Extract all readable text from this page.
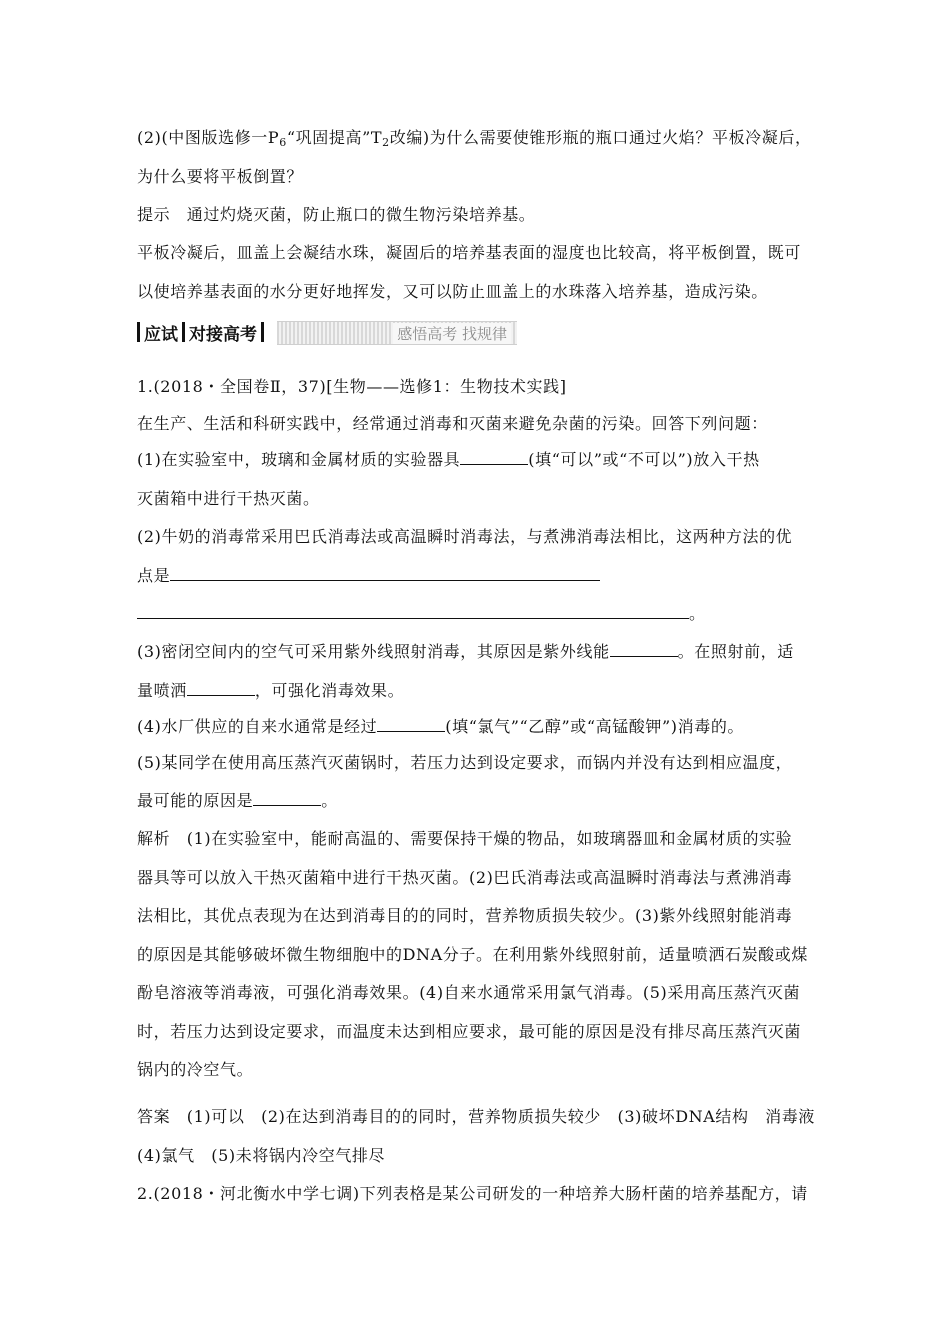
(2)(中图版选修一P6“巩固提高”T2改编)为什么需要使锥形瓶的瓶口通过火焰？平板冷凝后，
为什么要将平板倒置？
提示　通过灼烧灭菌，防止瓶口的微生物污染培养基。
平板冷凝后，皿盖上会凝结水珠，凝固后的培养基表面的湿度也比较高，将平板倒置，既可
以使培养基表面的水分更好地挥发，又可以防止皿盖上的水珠落入培养基，造成污染。
应试 对接高考	感悟高考 找规律
1.(2018・全国卷Ⅱ，37)[生物——选修1：生物技术实践]
在生产、生活和科研实践中，经常通过消毒和灭菌来避免杂菌的污染。回答下列问题：
(1)在实验室中，玻璃和金属材质的实验器具	(填“可以”或“不可以”)放入干热
灭菌箱中进行干热灭菌。
(2)牛奶的消毒常采用巴氏消毒法或高温瞬时消毒法，与煮沸消毒法相比，这两种方法的优
点是
。
(3)密闭空间内的空气可采用紫外线照射消毒，其原因是紫外线能	。在照射前，适
量喷洒	，可强化消毒效果。
(4)水厂供应的自来水通常是经过	(填“氯气”“乙醇”或“高锰酸钾”)消毒的。
(5)某同学在使用高压蒸汽灭菌锅时，若压力达到设定要求，而锅内并没有达到相应温度，
最可能的原因是	。
解析　(1)在实验室中，能耐高温的、需要保持干燥的物品，如玻璃器皿和金属材质的实验
器具等可以放入干热灭菌箱中进行干热灭菌。(2)巴氏消毒法或高温瞬时消毒法与煮沸消毒
法相比，其优点表现为在达到消毒目的的同时，营养物质损失较少。(3)紫外线照射能消毒
的原因是其能够破坏微生物细胞中的DNA分子。在利用紫外线照射前，适量喷洒石炭酸或煤
酚皂溶液等消毒液，可强化消毒效果。(4)自来水通常采用氯气消毒。(5)采用高压蒸汽灭菌
时，若压力达到设定要求，而温度未达到相应要求，最可能的原因是没有排尽高压蒸汽灭菌
锅内的冷空气。
答案　(1)可以　(2)在达到消毒目的的同时，营养物质损失较少　(3)破坏DNA结构　消毒液
(4)氯气　(5)未将锅内冷空气排尽
2.(2018・河北衡水中学七调)下列表格是某公司研发的一种培养大肠杆菌的培养基配方，请
